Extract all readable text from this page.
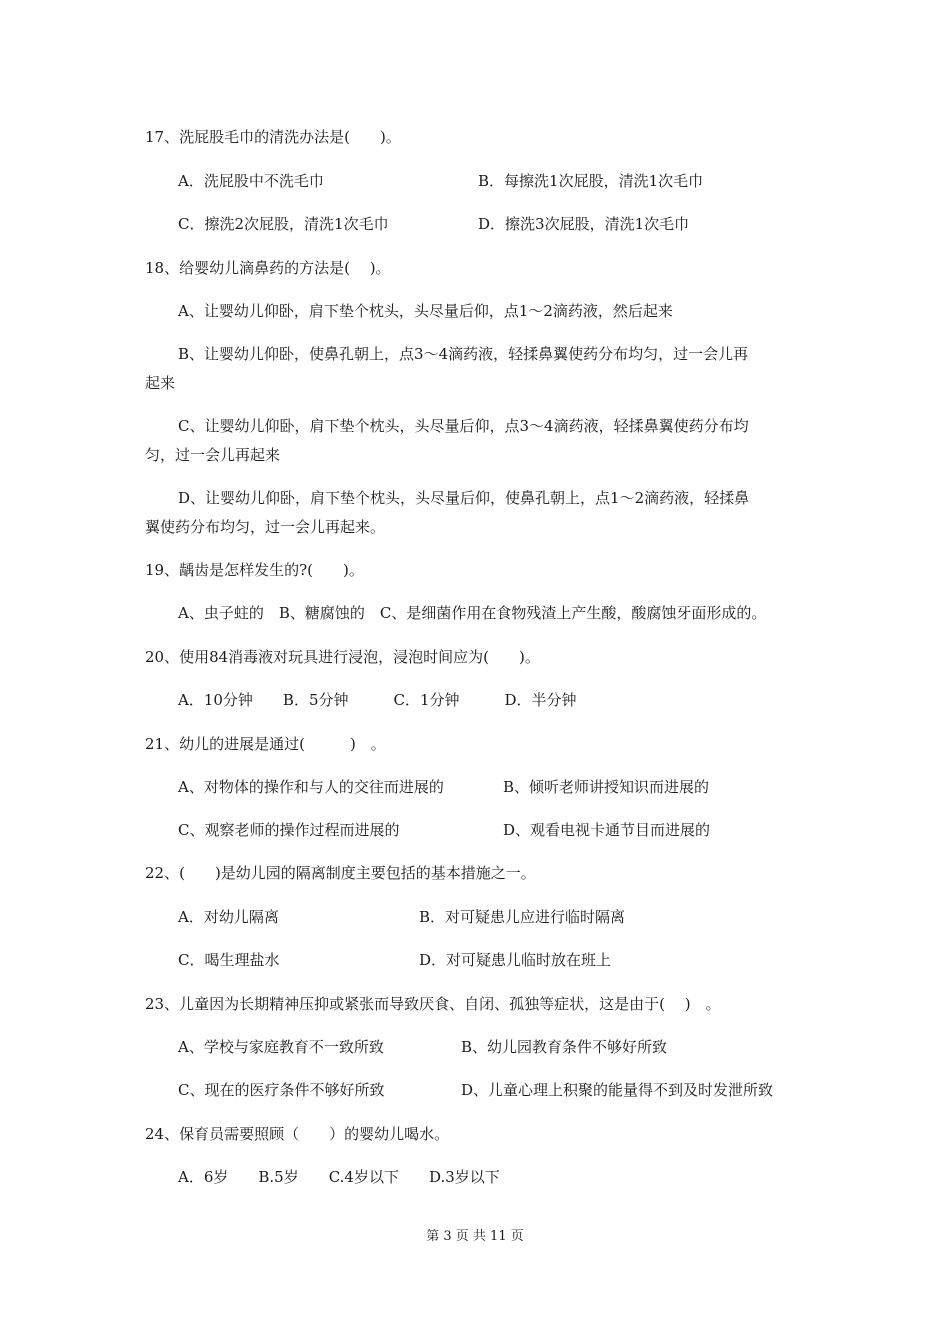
17、洗屁股毛巾的清洗办法是(　　)。
A．洗屁股中不洗毛巾	B．每擦洗1次屁股，清洗1次毛巾
C．擦洗2次屁股，清洗1次毛巾	D．擦洗3次屁股，清洗1次毛巾
18、给婴幼儿滴鼻药的方法是(　 )。
A、让婴幼儿仰卧，肩下垫个枕头，头尽量后仰，点1～2滴药液，然后起来
B、让婴幼儿仰卧，使鼻孔朝上，点3～4滴药液，轻揉鼻翼使药分布均匀，过一会儿再
起来
C、让婴幼儿仰卧，肩下垫个枕头，头尽量后仰，点3～4滴药液，轻揉鼻翼使药分布均
匀，过一会儿再起来
D、让婴幼儿仰卧，肩下垫个枕头，头尽量后仰，使鼻孔朝上，点1～2滴药液，轻揉鼻
翼使药分布均匀，过一会儿再起来。
19、龋齿是怎样发生的?(　　)。
A、虫子蛀的　B、糖腐蚀的　C、是细菌作用在食物残渣上产生酸，酸腐蚀牙面形成的。
20、使用84消毒液对玩具进行浸泡，浸泡时间应为(　　)。
A．10分钟　　B．5分钟　　　C．1分钟　　　D．半分钟
21、幼儿的进展是通过(　　　)　。
A、对物体的操作和与人的交往而进展的	B、倾听老师讲授知识而进展的
C、观察老师的操作过程而进展的	D、观看电视卡通节目而进展的
22、(　　)是幼儿园的隔离制度主要包括的基本措施之一。
A．对幼儿隔离	B．对可疑患儿应进行临时隔离
C．喝生理盐水	D．对可疑患儿临时放在班上
23、儿童因为长期精神压抑或紧张而导致厌食、自闭、孤独等症状，这是由于(　 )　。
A、学校与家庭教育不一致所致	B、幼儿园教育条件不够好所致
C、现在的医疗条件不够好所致	D、儿童心理上积聚的能量得不到及时发泄所致
24、保育员需要照顾（　　）的婴幼儿喝水。
A．6岁　　B.5岁　　C.4岁以下　　D.3岁以下
第 3 页 共 11 页
